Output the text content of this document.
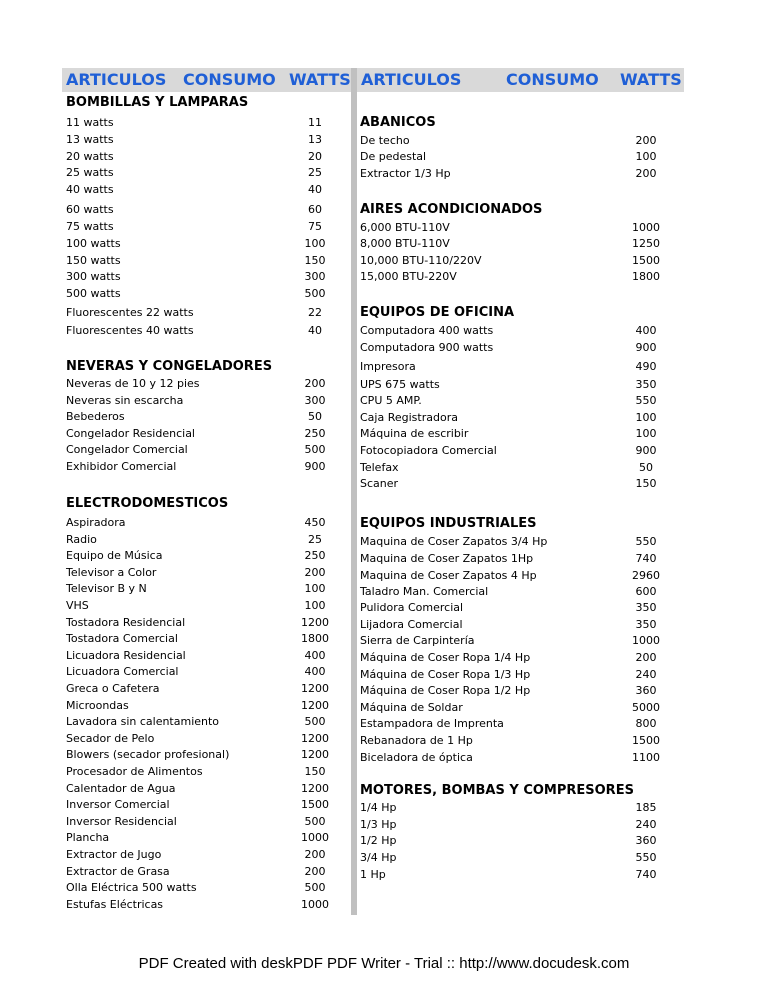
ARTICULOS CONSUMO WATTS ARTICULOS	CONSUMO WATTS
BOMBILLAS Y LAMPARAS
11 watts	11
13 watts	13
20 watts	20
25 watts	25
40 watts	40
60 watts	60
75 watts	75
100 watts	100
150 watts	150
300 watts	300
500 watts	500
Fluorescentes 22 watts	22
Fluorescentes 40 watts	40
NEVERAS Y CONGELADORES
Neveras de 10 y 12 pies	200
Neveras sin escarcha	300
Bebederos	50
Congelador Residencial	250
Congelador Comercial	500
Exhibidor Comercial	900
ELECTRODOMESTICOS
Aspiradora	450
Radio	25
Equipo de Música	250
Televisor a Color	200
Televisor B y N	100
VHS	100
Tostadora Residencial	1200
Tostadora Comercial	1800
Licuadora Residencial	400
Licuadora Comercial	400
Greca o Cafetera	1200
Microondas	1200
Lavadora sin calentamiento	500
Secador de Pelo	1200
Blowers (secador profesional)	1200
Procesador de Alimentos	150
Calentador de Agua	1200
Inversor Comercial	1500
Inversor Residencial	500
Plancha	1000
Extractor de Jugo	200
Extractor de Grasa	200
Olla Eléctrica 500 watts	500
Estufas Eléctricas	1000
ABANICOS
De techo	200
De pedestal	100
Extractor 1/3 Hp	200
AIRES ACONDICIONADOS
6,000 BTU-110V	1000
8,000 BTU-110V	1250
10,000 BTU-110/220V	1500
15,000 BTU-220V	1800
EQUIPOS DE OFICINA
Computadora 400 watts	400
Computadora 900 watts	900
Impresora	490
UPS 675 watts	350
CPU 5 AMP.	550
Caja Registradora	100
Máquina de escribir	100
Fotocopiadora Comercial	900
Telefax	50
Scaner	150
EQUIPOS INDUSTRIALES
Maquina de Coser Zapatos 3/4 Hp	550
Maquina de Coser Zapatos 1Hp	740
Maquina de Coser Zapatos 4 Hp	2960
Taladro Man. Comercial	600
Pulidora Comercial	350
Lijadora Comercial	350
Sierra de Carpintería	1000
Máquina de Coser Ropa 1/4 Hp	200
Máquina de Coser Ropa 1/3 Hp	240
Máquina de Coser Ropa 1/2 Hp	360
Máquina de Soldar	5000
Estampadora de Imprenta	800
Rebanadora de 1 Hp	1500
Biceladora de óptica	1100
MOTORES, BOMBAS Y COMPRESORES
1/4 Hp	185
1/3 Hp	240
1/2 Hp	360
3/4 Hp	550
1 Hp	740
PDF Created with deskPDF PDF Writer - Trial :: http://www.docudesk.com
